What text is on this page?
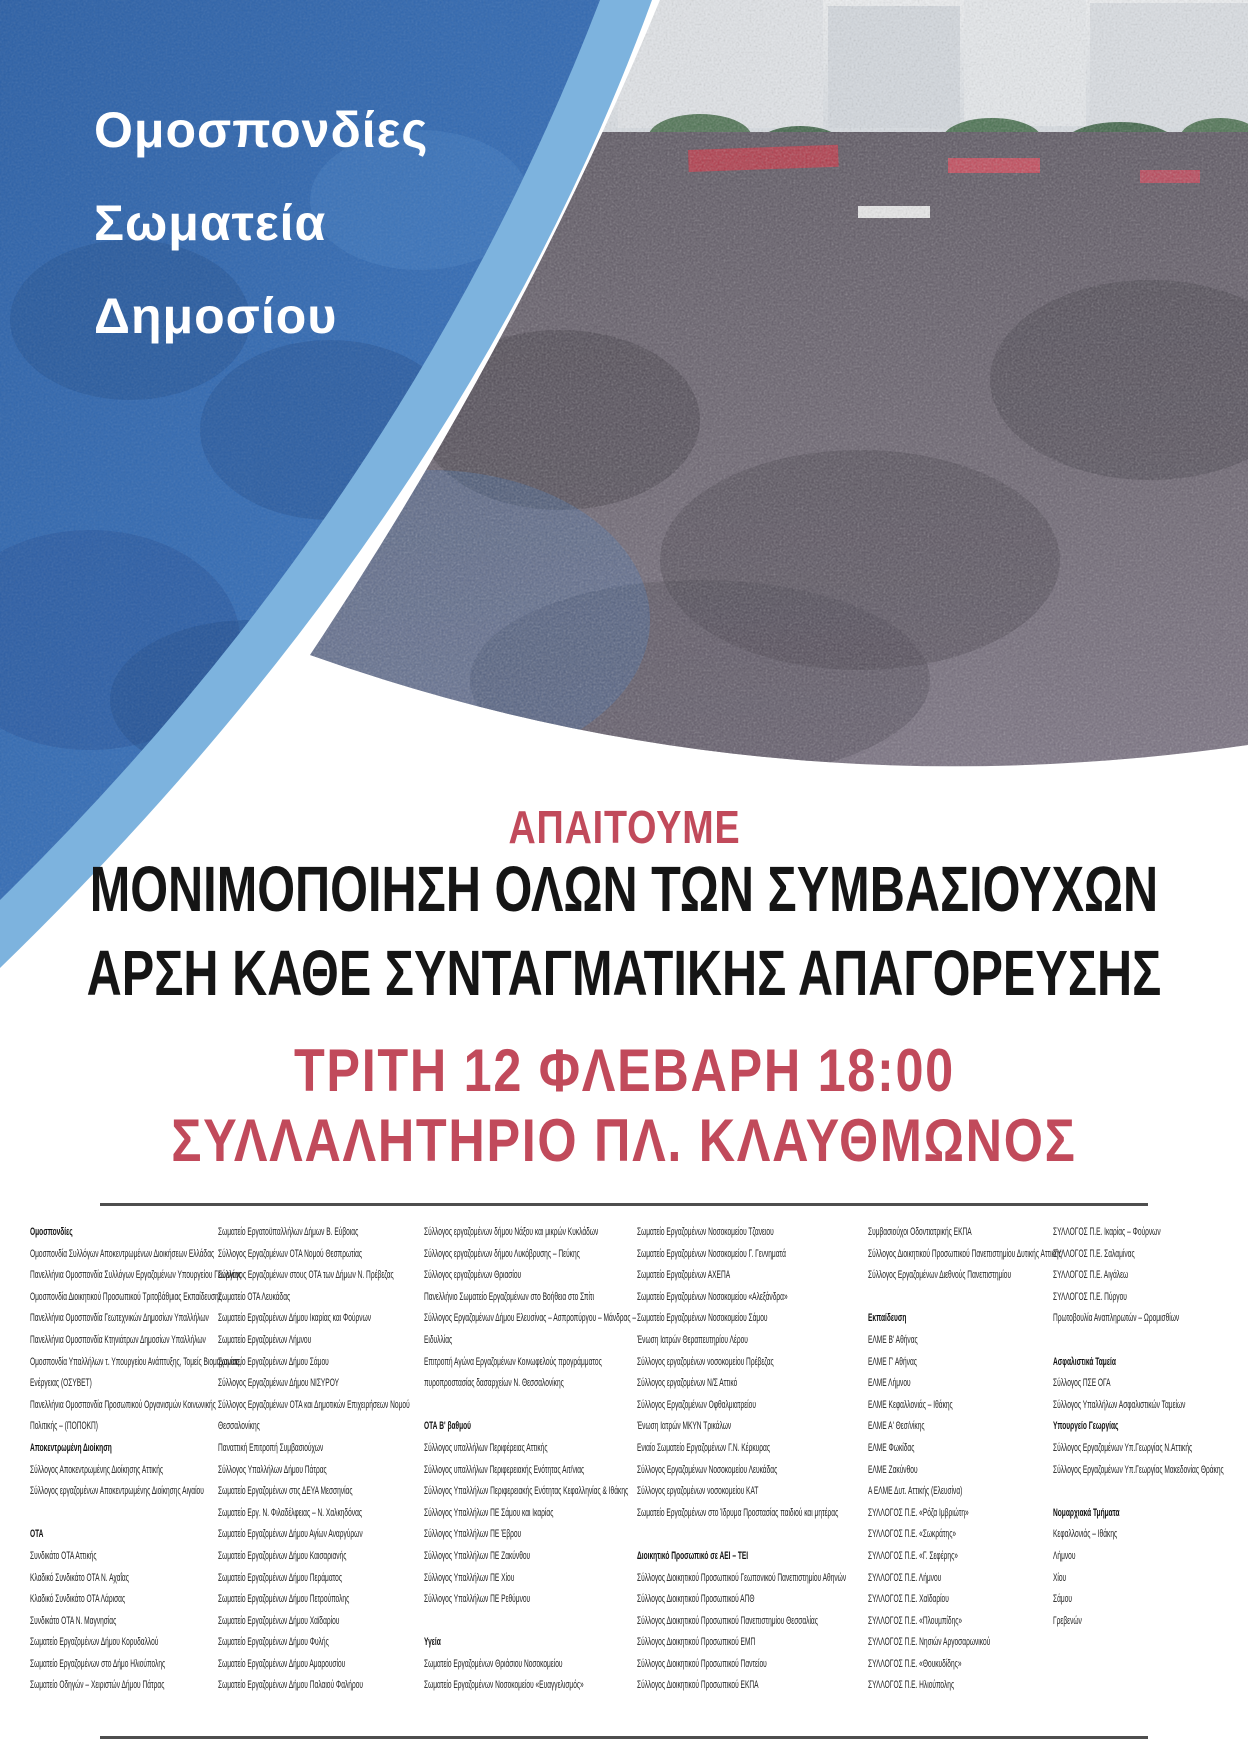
Ομοσπονδίες
Σωματεία
Δημοσίου
ΑΠΑΙΤΟΥΜΕ
ΜΟΝΙΜΟΠΟΙΗΣΗ ΟΛΩΝ ΤΩΝ ΣΥΜΒΑΣΙΟΥΧΩΝ
ΑΡΣΗ ΚΑΘΕ ΣΥΝΤΑΓΜΑΤΙΚΗΣ ΑΠΑΓΟΡΕΥΣΗΣ
ΤΡΙΤΗ 12 ΦΛΕΒΑΡΗ 18:00
ΣΥΛΛΑΛΗΤΗΡΙΟ ΠΛ. ΚΛΑΥΘΜΩΝΟΣ
Ομοσπονδίες
Ομοσπονδία Συλλόγων Αποκεντρωμένων Διοικήσεων Ελλάδας
Πανελλήνια Ομοσπονδία Συλλόγων Εργαζομένων Υπουργείου Γεωργίας
Ομοσπονδία Διοικητικού Προσωπικού Τριτοβάθμιας Εκπαίδευσης
Πανελλήνια Ομοσπονδία Γεωτεχνικών Δημοσίων Υπαλλήλων
Πανελλήνια Ομοσπονδία Κτηνιάτρων Δημοσίων Υπαλλήλων
Ομοσπονδία Υπαλλήλων τ. Υπουργείου Ανάπτυξης, Τομείς Βιομηχανίας,
Ενέργειας (ΟΣΥΒΕΤ)
Πανελλήνια Ομοσπονδία Προσωπικού Οργανισμών Κοινωνικής
Πολιτικής – (ΠΟΠΟΚΠ)
Αποκεντρωμένη Διοίκηση
Σύλλογος Αποκεντρωμένης Διοίκησης Αττικής
Σύλλογος εργαζομένων Αποκεντρωμένης Διοίκησης Αιγαίου
ΟΤΑ
Συνδικάτο ΟΤΑ Αττικής
Κλαδικό Συνδικάτο ΟΤΑ Ν. Αχαΐας
Κλαδικό Συνδικάτο ΟΤΑ Λάρισας
Συνδικάτο ΟΤΑ Ν. Μαγνησίας
Σωματείο Εργαζομένων Δήμου Κορυδαλλού
Σωματείο Εργαζομένων στο Δήμο Ηλιούπολης
Σωματείο Οδηγών – Χειριστών Δήμου Πάτρας
Σωματείο Εργατοϋπαλλήλων Δήμων Β. Εύβοιας
Σύλλογος Εργαζομένων ΟΤΑ Νομού Θεσπρωτίας
Σύλλογος Εργαζομένων στους ΟΤΑ των Δήμων Ν. Πρέβεζας
Σωματείο ΟΤΑ Λευκάδας
Σωματείο Εργαζομένων Δήμου Ικαρίας και Φούρνων
Σωματείο Εργαζομένων Λήμνου
Σωματείο Εργαζομένων Δήμου Σάμου
Σύλλογος Εργαζομένων Δήμου ΝΙΣΥΡΟΥ
Σύλλογος Εργαζομένων ΟΤΑ και Δημοτικών Επιχειρήσεων Νομού
Θεσσαλονίκης
Παναττική Επιτροπή Συμβασιούχων
Σύλλογος Υπαλλήλων Δήμου Πάτρας
Σωματείο Εργαζομένων στις ΔΕΥΑ Μεσσηνίας
Σωματείο Εργ. Ν. Φιλαδέλφειας – Ν. Χαλκηδόνας
Σωματείο Εργαζομένων Δήμου Αγίων Αναργύρων
Σωματείο Εργαζομένων Δήμου Καισαριανής
Σωματείο Εργαζομένων Δήμου Περάματος
Σωματείο Εργαζομένων Δήμου Πετρούπολης
Σωματείο Εργαζομένων Δήμου Χαϊδαρίου
Σωματείο Εργαζομένων Δήμου Φυλής
Σωματείο Εργαζομένων Δήμου Αμαρουσίου
Σωματείο Εργαζομένων Δήμου Παλαιού Φαλήρου
Σύλλογος εργαζομένων δήμου Νάξου και μικρών Κυκλάδων
Σύλλογος εργαζομένων δήμου Λυκόβρυσης – Πεύκης
Σύλλογος εργαζομένων Θριασίου
Πανελλήνιο Σωματείο Εργαζομένων στο Βοήθεια στο Σπίτι
Σύλλογος Εργαζομένων Δήμου Ελευσίνας – Ασπροπύργου – Μάνδρας –
Ειδυλλίας
Επιτροπή Αγώνα Εργαζομένων Κοινωφελούς προγράμματος
πυροπροστασίας δασαρχείων Ν. Θεσσαλονίκης
ΟΤΑ Β' βαθμού
Σύλλογος υπαλλήλων Περιφέρειας Αττικής
Σύλλογος υπαλλήλων Περιφερειακής Ενότητας Αιτ/νιας
Σύλλογος Υπαλλήλων Περιφερειακής Ενότητας Κεφαλληνίας & Ιθάκης
Σύλλογος Υπαλλήλων ΠΕ Σάμου και Ικαρίας
Σύλλογος Υπαλλήλων ΠΕ Έβρου
Σύλλογος Υπαλλήλων ΠΕ Ζακύνθου
Σύλλογος Υπαλλήλων ΠΕ Χίου
Σύλλογος Υπαλλήλων ΠΕ Ρεθύμνου
Υγεία
Σωματείο Εργαζομένων Θριάσιου Νοσοκομείου
Σωματείο Εργαζομένων Νοσοκομείου «Ευαγγελισμός»
Σωματείο Εργαζομένων Νοσοκομείου Τζανειου
Σωματείο Εργαζομένων Νοσοκομείου Γ. Γεννηματά
Σωματείο Εργαζομένων ΑΧΕΠΑ
Σωματείο Εργαζομένων Νοσοκομείου «Αλεξάνδρα»
Σωματείο Εργαζομένων Νοσοκομείου Σάμου
Ένωση Ιατρών Θεραπευτηρίου Λέρου
Σύλλογος εργαζομένων νοσοκομείου Πρέβεζας
Σύλλογος εργαζομένων Ν/Σ Αττικό
Σύλλογος Εργαζομένων Οφθαλμιατρείου
Ένωση Ιατρών ΜΚΥΝ Τρικάλων
Ενιαίο Σωματείο Εργαζομένων Γ.Ν. Κέρκυρας
Σύλλογος Εργαζομένων Νοσοκομείου Λευκάδας
Σύλλογος εργαζομένων νοσοκομείου ΚΑΤ
Σωματείο Εργαζομένων στο Ίδρυμα Προστασίας παιδιού και μητέρας
Διοικητικό Προσωπικό σε ΑΕΙ – ΤΕΙ
Σύλλογος Διοικητικού Προσωπικού Γεωπονικού Πανεπιστημίου Αθηνών
Σύλλογος Διοικητικού Προσωπικού ΑΠΘ
Σύλλογος Διοικητικού Προσωπικού Πανεπιστημίου Θεσσαλίας
Σύλλογος Διοικητικού Προσωπικού ΕΜΠ
Σύλλογος Διοικητικού Προσωπικού Παντείου
Σύλλογος Διοικητικού Προσωπικού ΕΚΠΑ
Συμβασιούχοι Οδοντιατρικής ΕΚΠΑ
Σύλλογος Διοικητικού Προσωπικού Πανεπιστημίου Δυτικής Αττικής
Σύλλογος Εργαζομένων Διεθνούς Πανεπιστημίου
Εκπαίδευση
ΕΛΜΕ Β' Αθήνας
ΕΛΜΕ Γ' Αθήνας
ΕΛΜΕ Λήμνου
ΕΛΜΕ Κεφαλλονιάς – Ιθάκης
ΕΛΜΕ Α' Θεσ/νίκης
ΕΛΜΕ Φωκίδας
ΕΛΜΕ Ζακύνθου
Α ΕΛΜΕ Δυτ. Αττικής (Ελευσίνα)
ΣΥΛΛΟΓΟΣ Π.Ε. «Ρόζα Ιμβριώτη»
ΣΥΛΛΟΓΟΣ Π.Ε. «Σωκράτης»
ΣΥΛΛΟΓΟΣ Π.Ε. «Γ. Σεφέρης»
ΣΥΛΛΟΓΟΣ Π.Ε. Λήμνου
ΣΥΛΛΟΓΟΣ Π.Ε. Χαϊδαρίου
ΣΥΛΛΟΓΟΣ Π.Ε. «Πλουμπίδης»
ΣΥΛΛΟΓΟΣ Π.Ε. Νησιών Αργοσαρωνικού
ΣΥΛΛΟΓΟΣ Π.Ε. «Θουκυδίδης»
ΣΥΛΛΟΓΟΣ Π.Ε. Ηλιούπολης
ΣΥΛΛΟΓΟΣ Π.Ε. Ικαρίας – Φούρνων
ΣΥΛΛΟΓΟΣ Π.Ε. Σαλαμίνας
ΣΥΛΛΟΓΟΣ Π.Ε. Αιγάλεω
ΣΥΛΛΟΓΟΣ Π.Ε. Πύργου
Πρωτοβουλία Αναπληρωτών – Ωρομισθίων
Ασφαλιστικά Ταμεία
Σύλλογος ΠΣΕ ΟΓΑ
Σύλλογος Υπαλλήλων Ασφαλιστικών Ταμείων
Υπουργείο Γεωργίας
Σύλλογος Εργαζομένων Υπ.Γεωργίας Ν.Αττικής
Σύλλογος Εργαζομένων Υπ.Γεωργίας Μακεδονίας Θράκης
Νομαρχιακά Τμήματα
Κεφαλλονιάς – Ιθάκης
Λήμνου
Χίου
Σάμου
Γρεβενών
